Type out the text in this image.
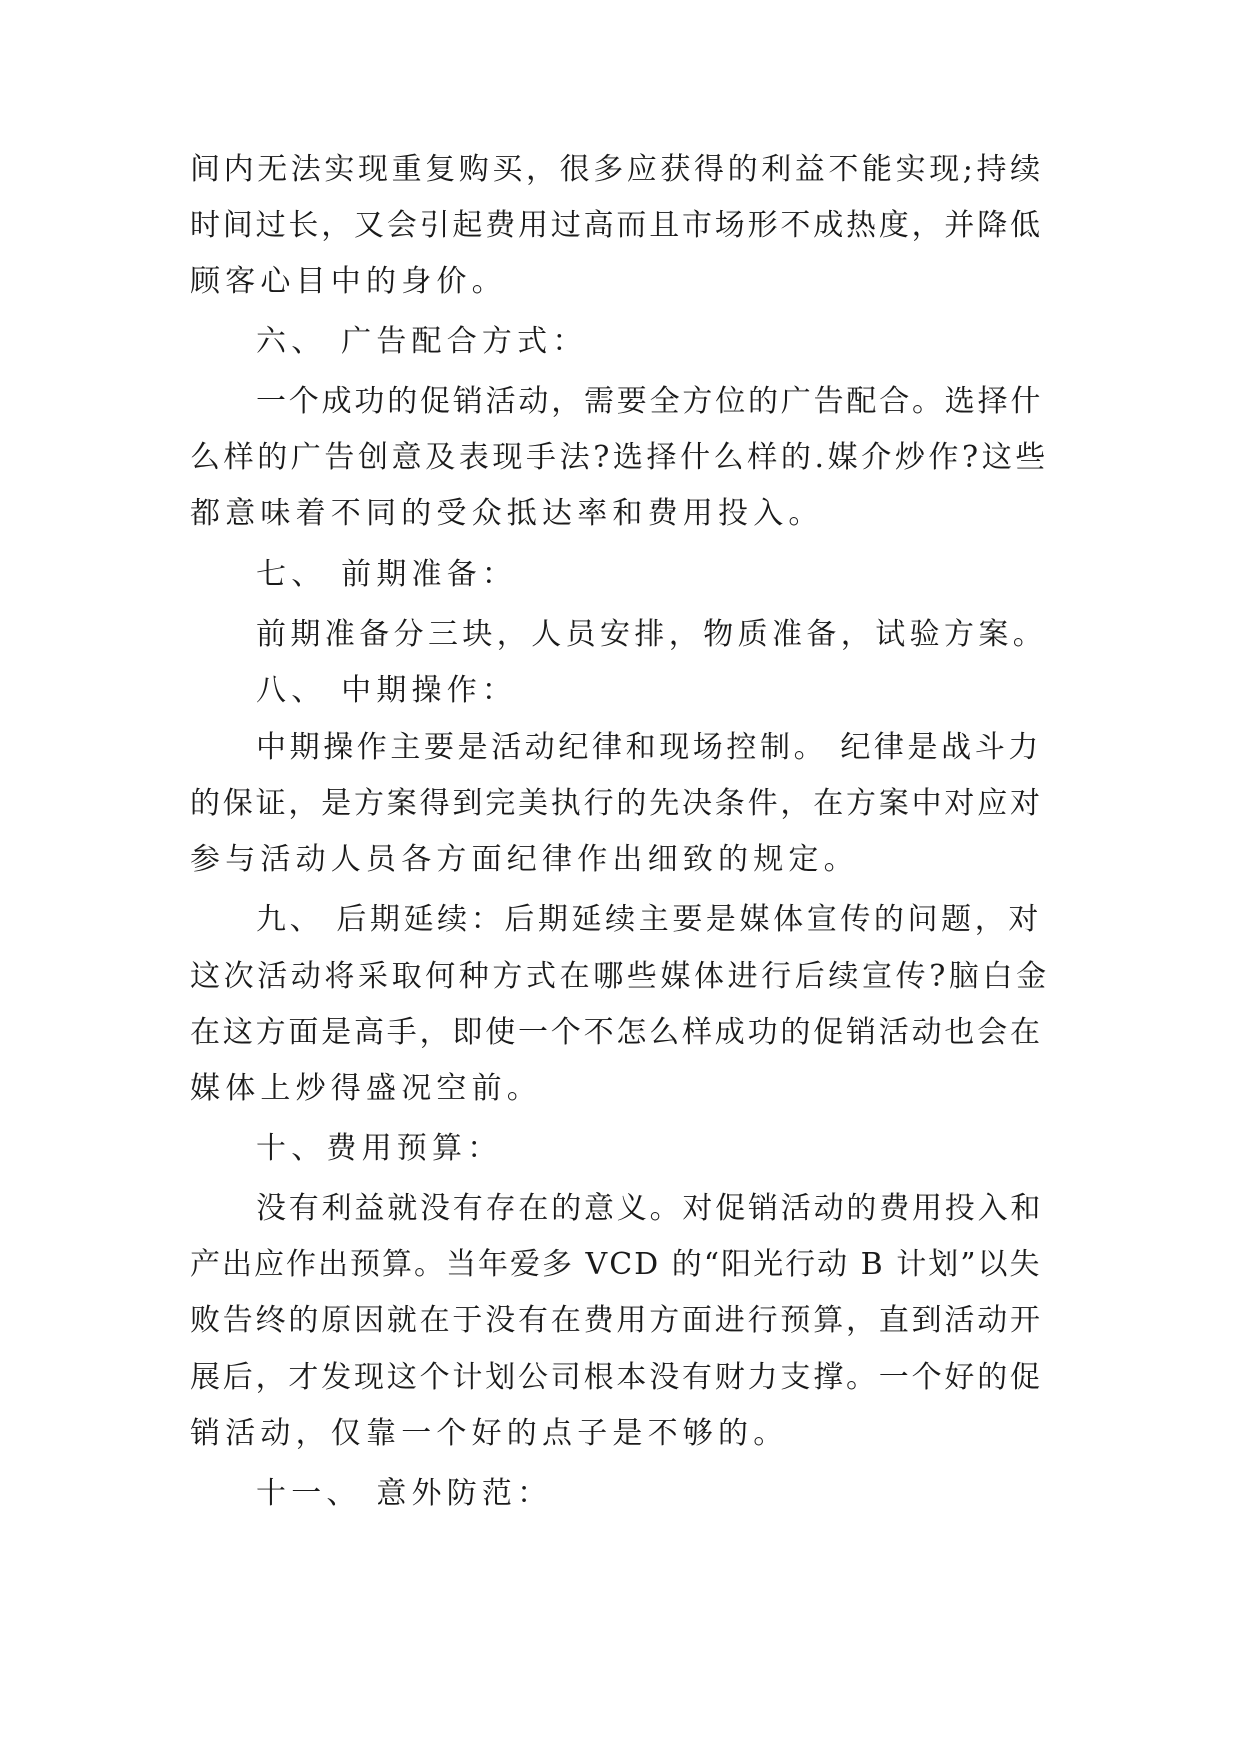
间内无法实现重复购买，很多应获得的利益不能实现;持续
时间过长，又会引起费用过高而且市场形不成热度，并降低
顾客心目中的身价。
六、 广告配合方式：
一个成功的促销活动，需要全方位的广告配合。选择什
么样的广告创意及表现手法?选择什么样的.媒介炒作?这些
都意味着不同的受众抵达率和费用投入。
七、 前期准备：
前期准备分三块，人员安排，物质准备，试验方案。
八、 中期操作：
中期操作主要是活动纪律和现场控制。 纪律是战斗力
的保证，是方案得到完美执行的先决条件，在方案中对应对
参与活动人员各方面纪律作出细致的规定。
九、 后期延续：后期延续主要是媒体宣传的问题，对
这次活动将采取何种方式在哪些媒体进行后续宣传?脑白金
在这方面是高手，即使一个不怎么样成功的促销活动也会在
媒体上炒得盛况空前。
十、费用预算：
没有利益就没有存在的意义。对促销活动的费用投入和
产出应作出预算。当年爱多 VCD 的“阳光行动 B 计划”以失
败告终的原因就在于没有在费用方面进行预算，直到活动开
展后，才发现这个计划公司根本没有财力支撑。一个好的促
销活动，仅靠一个好的点子是不够的。
十一、 意外防范：
